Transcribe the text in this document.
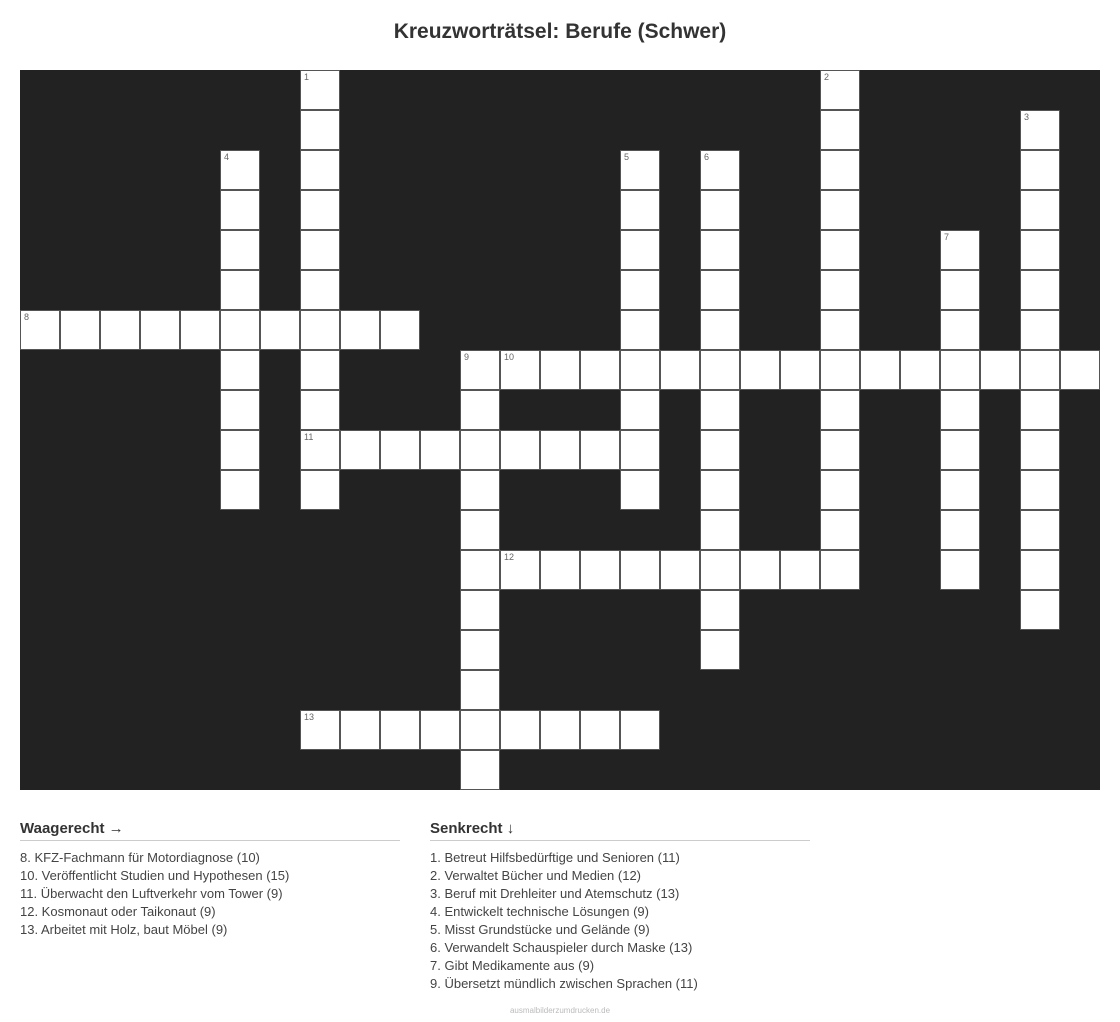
Kreuzworträtsel: Berufe (Schwer)
1
11
2
3
4	5	6
7
8
9	10
12
13
Waagerecht →
8. KFZ-Fachmann für Motordiagnose (10)
10. Veröffentlicht Studien und Hypothesen (15)
11. Überwacht den Luftverkehr vom Tower (9)
12. Kosmonaut oder Taikonaut (9)
13. Arbeitet mit Holz, baut Möbel (9)
Senkrecht ↓
1. Betreut Hilfsbedürftige und Senioren (11)
2. Verwaltet Bücher und Medien (12)
3. Beruf mit Drehleiter und Atemschutz (13)
4. Entwickelt technische Lösungen (9)
5. Misst Grundstücke und Gelände (9)
6. Verwandelt Schauspieler durch Maske (13)
7. Gibt Medikamente aus (9)
9. Übersetzt mündlich zwischen Sprachen (11)
ausmalbilderzumdrucken.de
